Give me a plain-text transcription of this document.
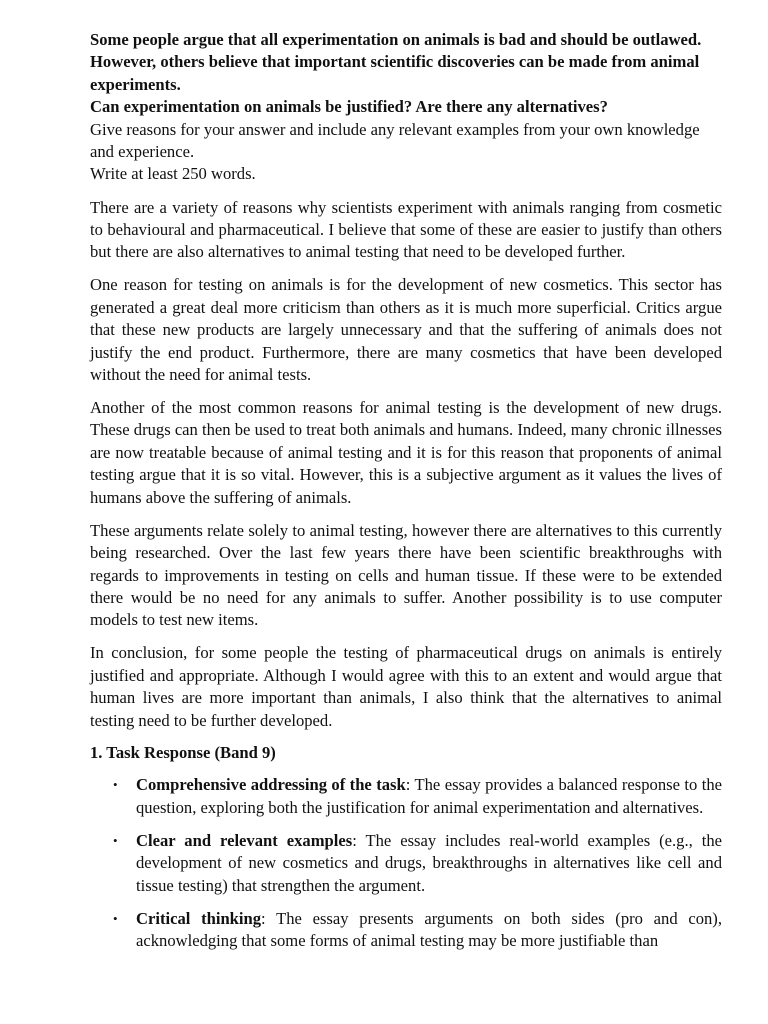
Some people argue that all experimentation on animals is bad and should be outlawed. However, others believe that important scientific discoveries can be made from animal experiments.

Can experimentation on animals be justified? Are there any alternatives?

Give reasons for your answer and include any relevant examples from your own knowledge and experience.

Write at least 250 words.

There are a variety of reasons why scientists experiment with animals ranging from cosmetic to behavioural and pharmaceutical. I believe that some of these are easier to justify than others but there are also alternatives to animal testing that need to be developed further.

One reason for testing on animals is for the development of new cosmetics. This sector has generated a great deal more criticism than others as it is much more superficial. Critics argue that these new products are largely unnecessary and that the suffering of animals does not justify the end product. Furthermore, there are many cosmetics that have been developed without the need for animal tests.

Another of the most common reasons for animal testing is the development of new drugs. These drugs can then be used to treat both animals and humans. Indeed, many chronic illnesses are now treatable because of animal testing and it is for this reason that proponents of animal testing argue that it is so vital. However, this is a subjective argument as it values the lives of humans above the suffering of animals.

These arguments relate solely to animal testing, however there are alternatives to this currently being researched. Over the last few years there have been scientific breakthroughs with regards to improvements in testing on cells and human tissue. If these were to be extended there would be no need for any animals to suffer. Another possibility is to use computer models to test new items.

In conclusion, for some people the testing of pharmaceutical drugs on animals is entirely justified and appropriate. Although I would agree with this to an extent and would argue that human lives are more important than animals, I also think that the alternatives to animal testing need to be further developed.

1. Task Response (Band 9)
• Comprehensive addressing of the task: The essay provides a balanced response to the question, exploring both the justification for animal experimentation and alternatives.
• Clear and relevant examples: The essay includes real-world examples (e.g., the development of new cosmetics and drugs, breakthroughs in alternatives like cell and tissue testing) that strengthen the argument.
• Critical thinking: The essay presents arguments on both sides (pro and con), acknowledging that some forms of animal testing may be more justifiable than
